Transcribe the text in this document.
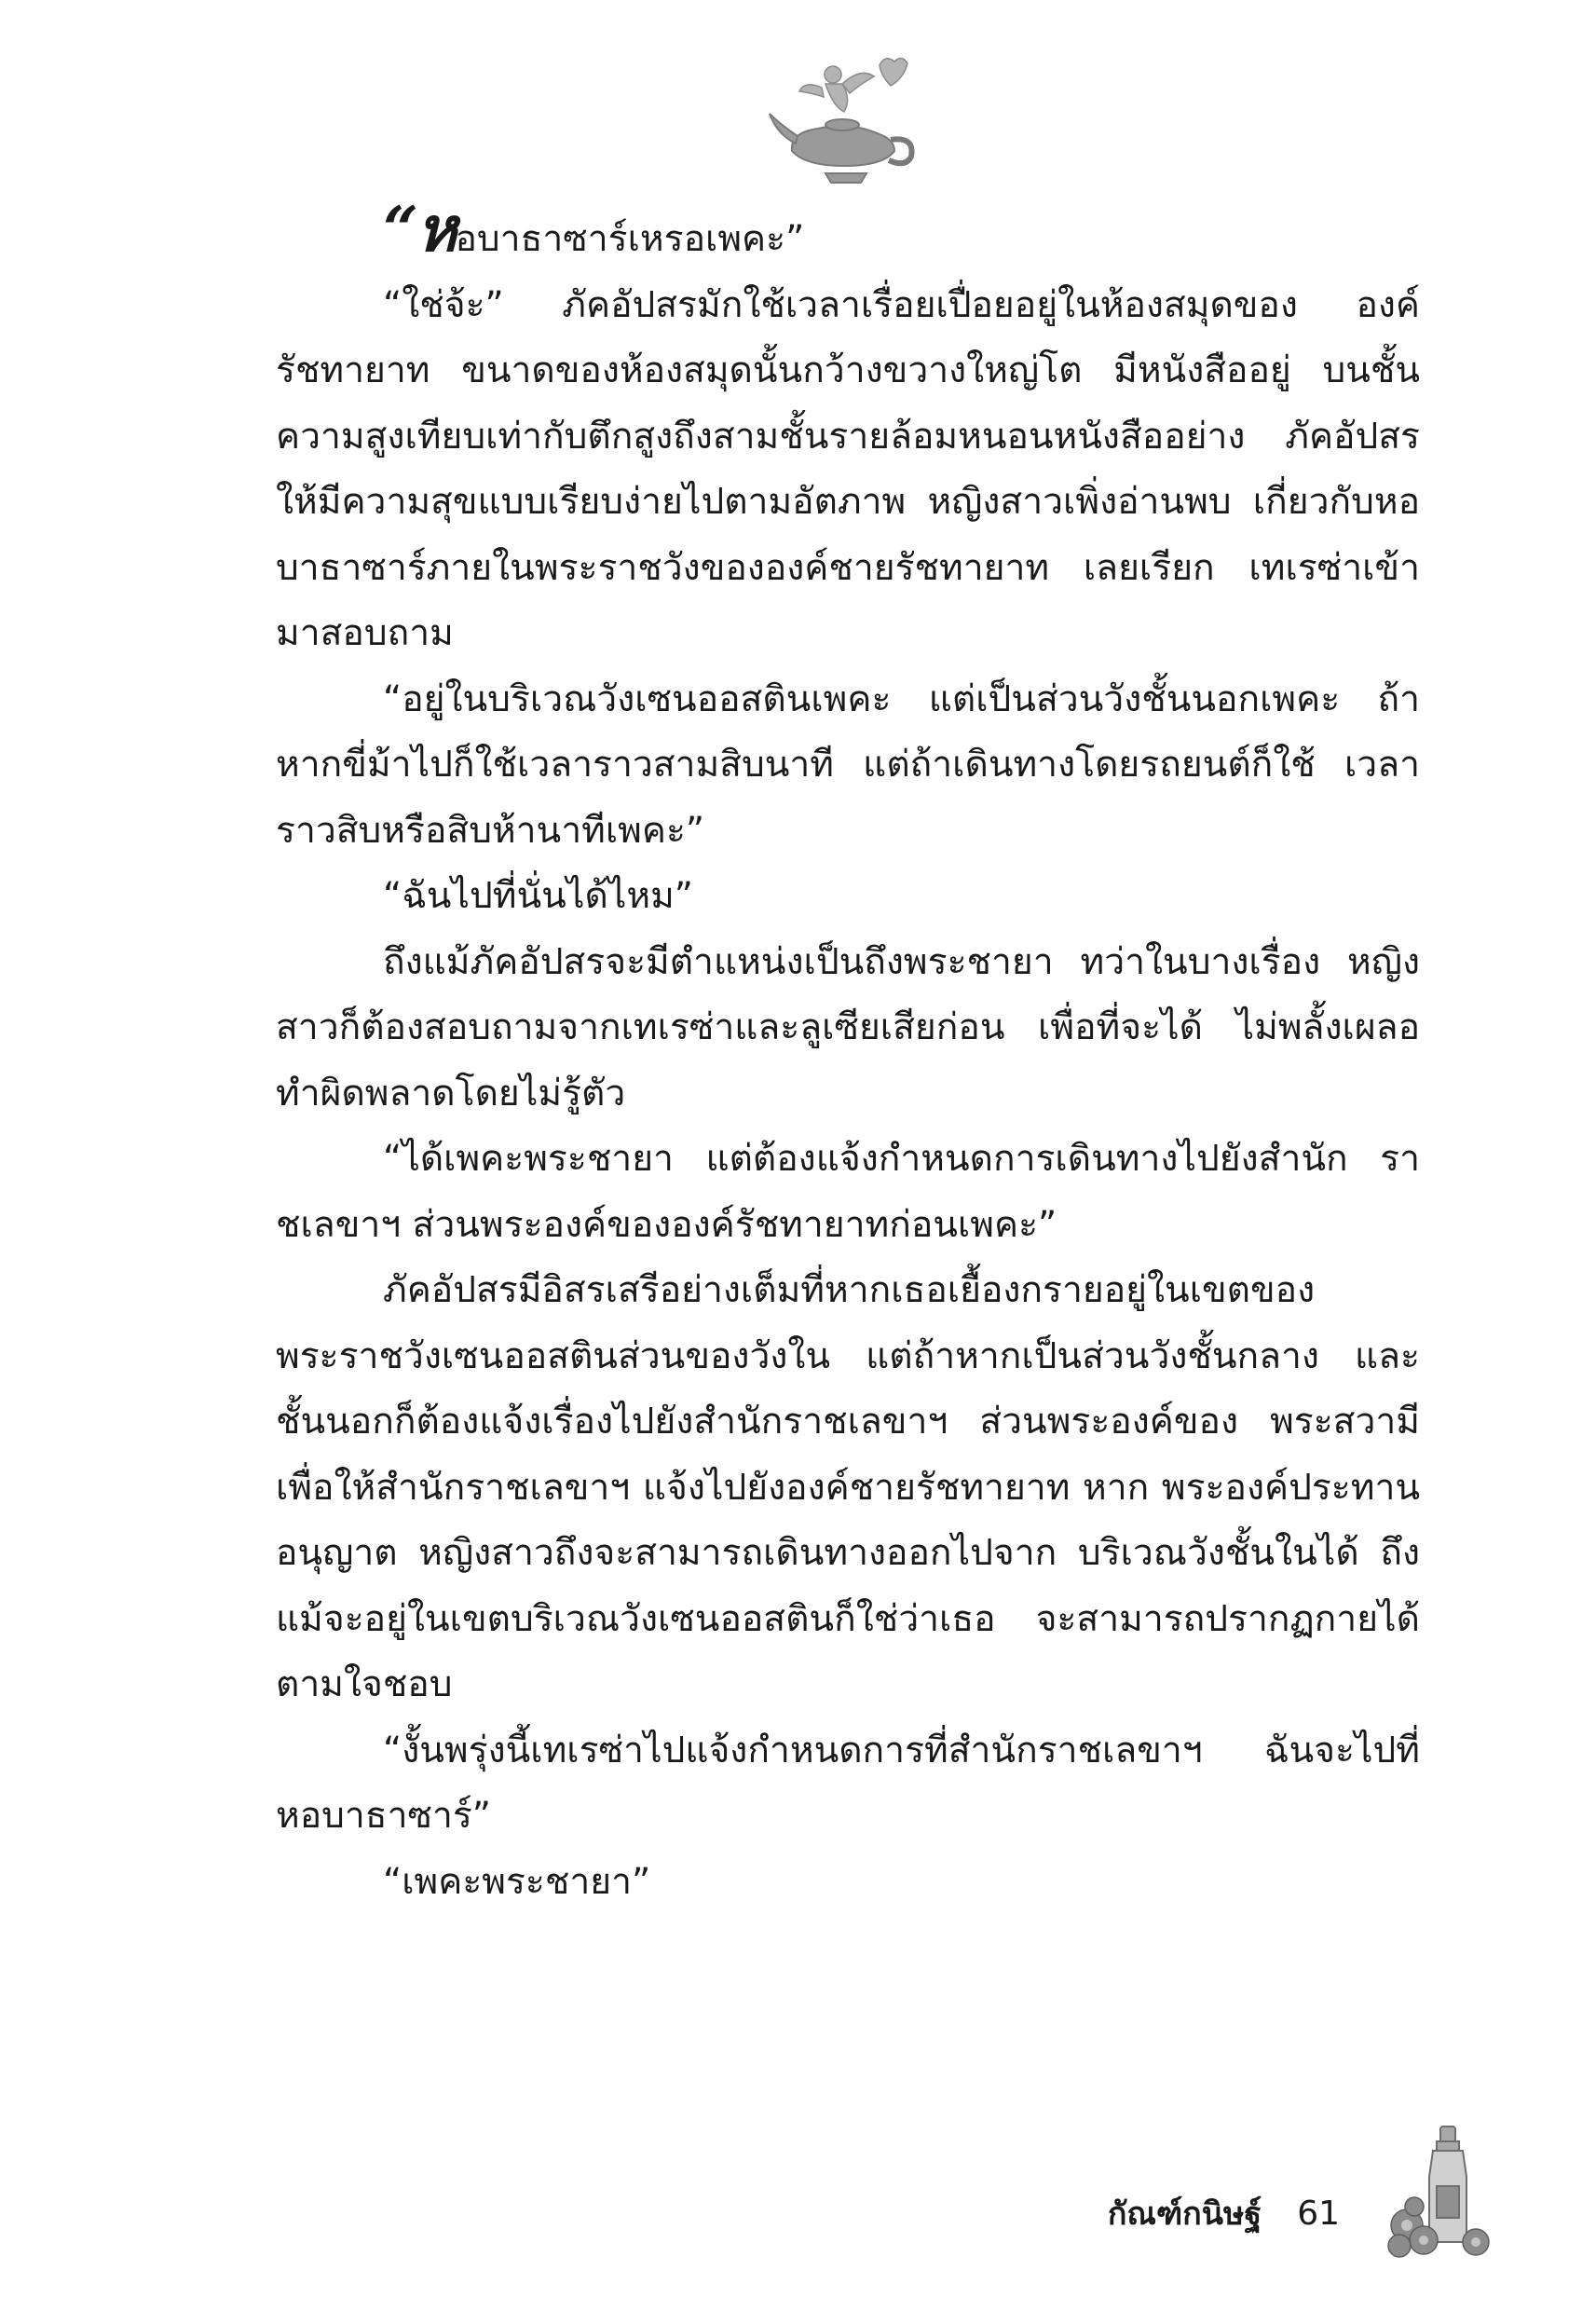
“หอบาธาซาร์เหรอเพคะ”

“ใช่จ้ะ” ภัคอัปสรมักใช้เวลาเรื่อยเปื่อยอยู่ในห้องสมุดของ องค์รัชทายาท ขนาดของห้องสมุดนั้นกว้างขวางใหญ่โต มีหนังสืออยู่ บนชั้นความสูงเทียบเท่ากับตึกสูงถึงสามชั้นรายล้อมหนอนหนังสืออย่าง ภัคอัปสรให้มีความสุขแบบเรียบง่ายไปตามอัตภาพ หญิงสาวเพิ่งอ่านพบ เกี่ยวกับหอบาธาซาร์ภายในพระราชวังขององค์ชายรัชทายาท เลยเรียก เทเรซ่าเข้ามาสอบถาม

“อยู่ในบริเวณวังเซนออสตินเพคะ แต่เป็นส่วนวังชั้นนอกเพคะ ถ้าหากขี่ม้าไปก็ใช้เวลาราวสามสิบนาที แต่ถ้าเดินทางโดยรถยนต์ก็ใช้ เวลาราวสิบหรือสิบห้านาทีเพคะ”

“ฉันไปที่นั่นได้ไหม”

ถึงแม้ภัคอัปสรจะมีตำแหน่งเป็นถึงพระชายา ทว่าในบางเรื่อง หญิงสาวก็ต้องสอบถามจากเทเรซ่าและลูเซียเสียก่อน เพื่อที่จะได้ ไม่พลั้งเผลอทำผิดพลาดโดยไม่รู้ตัว

“ได้เพคะพระชายา แต่ต้องแจ้งกำหนดการเดินทางไปยังสำนัก ราชเลขาฯ ส่วนพระองค์ขององค์รัชทายาทก่อนเพคะ”

ภัคอัปสรมีอิสรเสรีอย่างเต็มที่หากเธอเยื้องกรายอยู่ในเขตของ พระราชวังเซนออสตินส่วนของวังใน แต่ถ้าหากเป็นส่วนวังชั้นกลาง และชั้นนอกก็ต้องแจ้งเรื่องไปยังสำนักราชเลขาฯ ส่วนพระองค์ของ พระสวามี เพื่อให้สำนักราชเลขาฯ แจ้งไปยังองค์ชายรัชทายาท หาก พระองค์ประทานอนุญาต หญิงสาวถึงจะสามารถเดินทางออกไปจาก บริเวณวังชั้นในได้ ถึงแม้จะอยู่ในเขตบริเวณวังเซนออสตินก็ใช่ว่าเธอ จะสามารถปรากฏกายได้ตามใจชอบ

“งั้นพรุ่งนี้เทเรซ่าไปแจ้งกำหนดการที่สำนักราชเลขาฯ ฉันจะไปที่ หอบาธาซาร์”

“เพคะพระชายา”

กัณฑ์กนิษฐ์ 61
